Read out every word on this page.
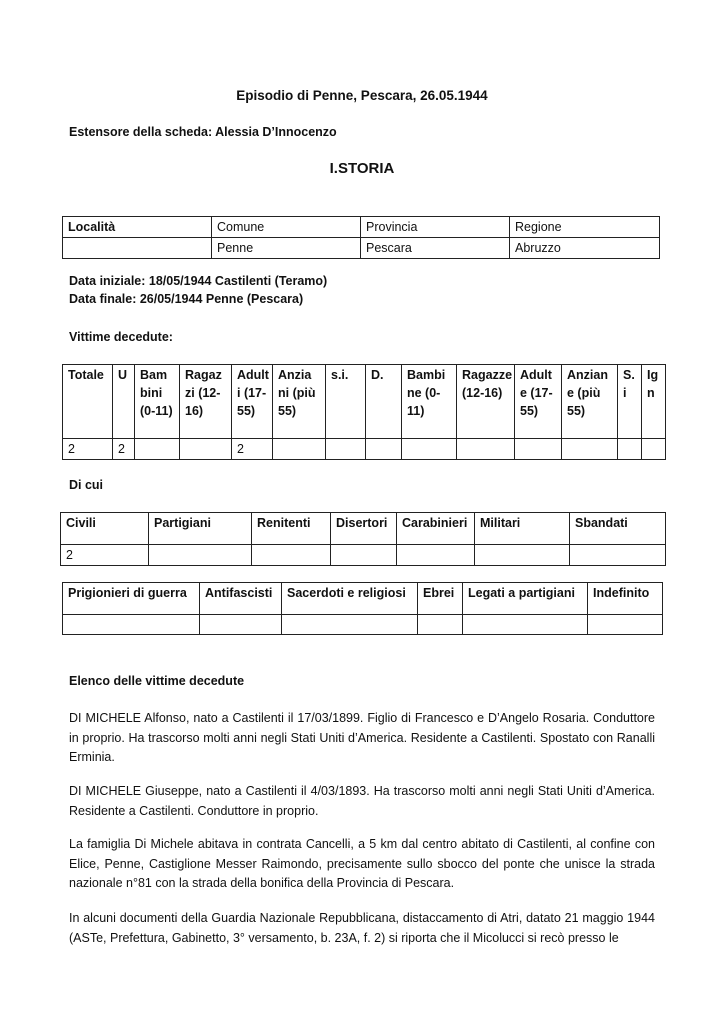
Episodio di Penne, Pescara, 26.05.1944
Estensore della scheda: Alessia D’Innocenzo
I.STORIA
Località	Comune	Provincia	Regione
	Penne	Pescara	Abruzzo
Data iniziale: 18/05/1944 Castilenti (Teramo)
Data finale: 26/05/1944 Penne (Pescara)
Vittime decedute:
Totale	U	Bam bini (0-11)	Ragaz zi (12-16)	Adult i (17-55)	Anzia ni (più 55)	s.i.	D.	Bambi ne (0-11)	Ragazze (12-16)	Adult e (17-55)	Anzian e (più 55)	S. i	Ig n
2	2			2									
Di cui
Civili	Partigiani	Renitenti	Disertori	Carabinieri	Militari	Sbandati
2						
Prigionieri di guerra	Antifascisti	Sacerdoti e religiosi	Ebrei	Legati a partigiani	Indefinito

Elenco delle vittime decedute
DI MICHELE Alfonso, nato a Castilenti il 17/03/1899. Figlio di Francesco e D’Angelo Rosaria. Conduttore in proprio. Ha trascorso molti anni negli Stati Uniti d’America. Residente a Castilenti. Spostato con Ranalli Erminia.
DI MICHELE Giuseppe, nato a Castilenti il 4/03/1893. Ha trascorso molti anni negli Stati Uniti d’America. Residente a Castilenti. Conduttore in proprio.
La famiglia Di Michele abitava in contrata Cancelli, a 5 km dal centro abitato di Castilenti, al confine con Elice, Penne, Castiglione Messer Raimondo, precisamente sullo sbocco del ponte che unisce la strada nazionale n°81 con la strada della bonifica della Provincia di Pescara.
In alcuni documenti della Guardia Nazionale Repubblicana, distaccamento di Atri, datato 21 maggio 1944 (ASTe, Prefettura, Gabinetto, 3° versamento, b. 23A, f. 2) si riporta che il Micolucci si recò presso le
